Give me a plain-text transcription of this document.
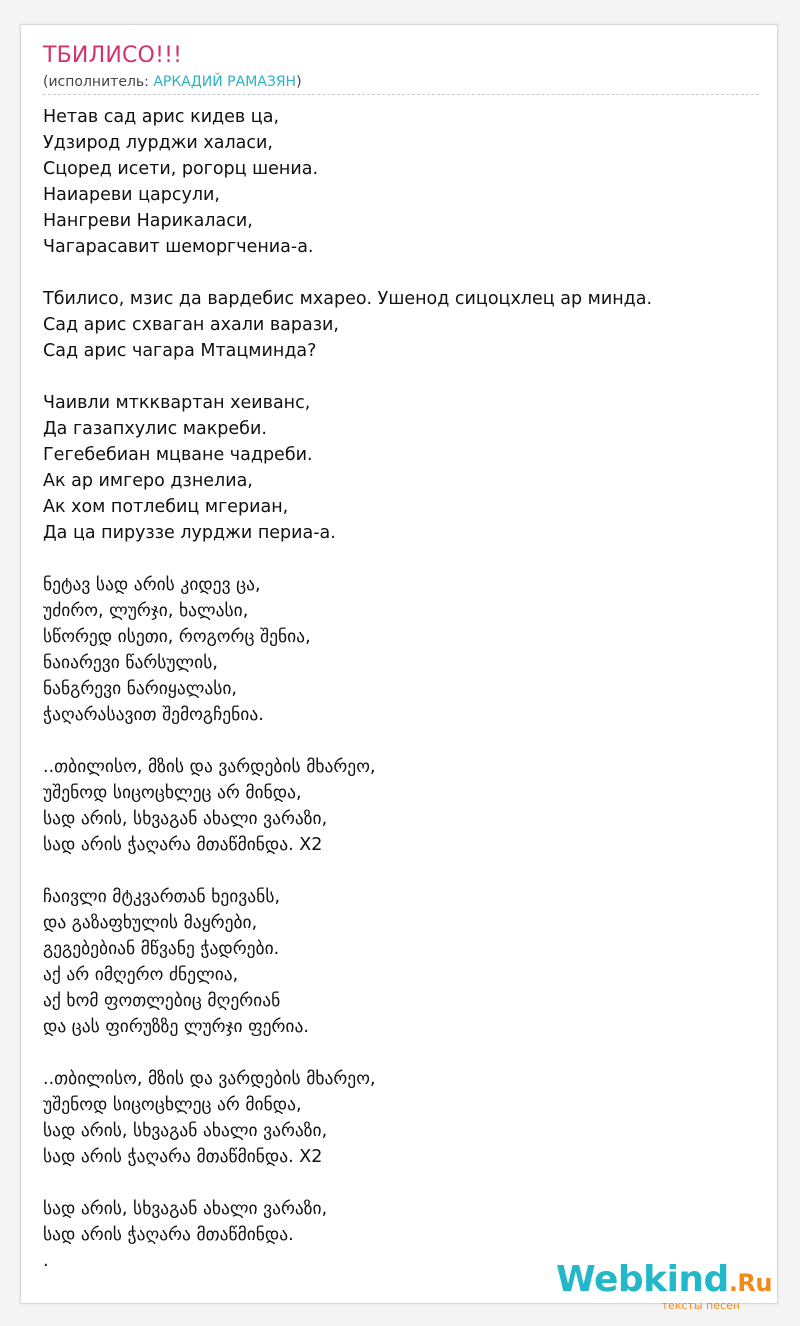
ТБИЛИСО!!!
(исполнитель: АРКАДИЙ РАМАЗЯН)
Нетав сад арис кидев ца,
Удзирод лурджи халаси,
Сцоред исети, рогорц шениа.
Наиареви царсули,
Нангреви Нарикаласи,
Чагарасавит шеморгчениа-а.
Тбилисо, мзис да вардебис мхарео. Ушенод сицоцхлец ар минда.
Сад арис схваган ахали варази,
Сад арис чагара Мтацминда?
Чаивли мткквартан хеиванс,
Да газапхулис макреби.
Гегебебиан мцване чадреби.
Ак ар имгеро дзнелиа,
Ак хом потлебиц мгериан,
Да ца пируззе лурджи периа-а.
ნეტავ სად არის კიდევ ცა,
უძირო, ლურჯი, ხალასი,
სწორედ ისეთი, როგორც შენია,
ნაიარევი წარსულის,
ნანგრევი ნარიყალასი,
ჭაღარასავით შემოგჩენია.
..თბილისო, მზის და ვარდების მხარეო,
უშენოდ სიცოცხლეც არ მინდა,
სად არის, სხვაგან ახალი ვარაზი,
სად არის ჭაღარა მთაწმინდა. X2
ჩაივლი მტკვართან ხეივანს,
და გაზაფხულის მაყრები,
გეგებებიან მწვანე ჭადრები.
აქ არ იმღერო ძნელია,
აქ ხომ ფოთლებიც მღერიან
და ცას ფირუზზე ლურჯი ფერია.
..თბილისო, მზის და ვარდების მხარეო,
უშენოდ სიცოცხლეც არ მინდა,
სად არის, სხვაგან ახალი ვარაზი,
სად არის ჭაღარა მთაწმინდა. X2
სად არის, სხვაგან ახალი ვარაზი,
სად არის ჭაღარა მთაწმინდა.
.	Webkind.Ru
тексты песен
